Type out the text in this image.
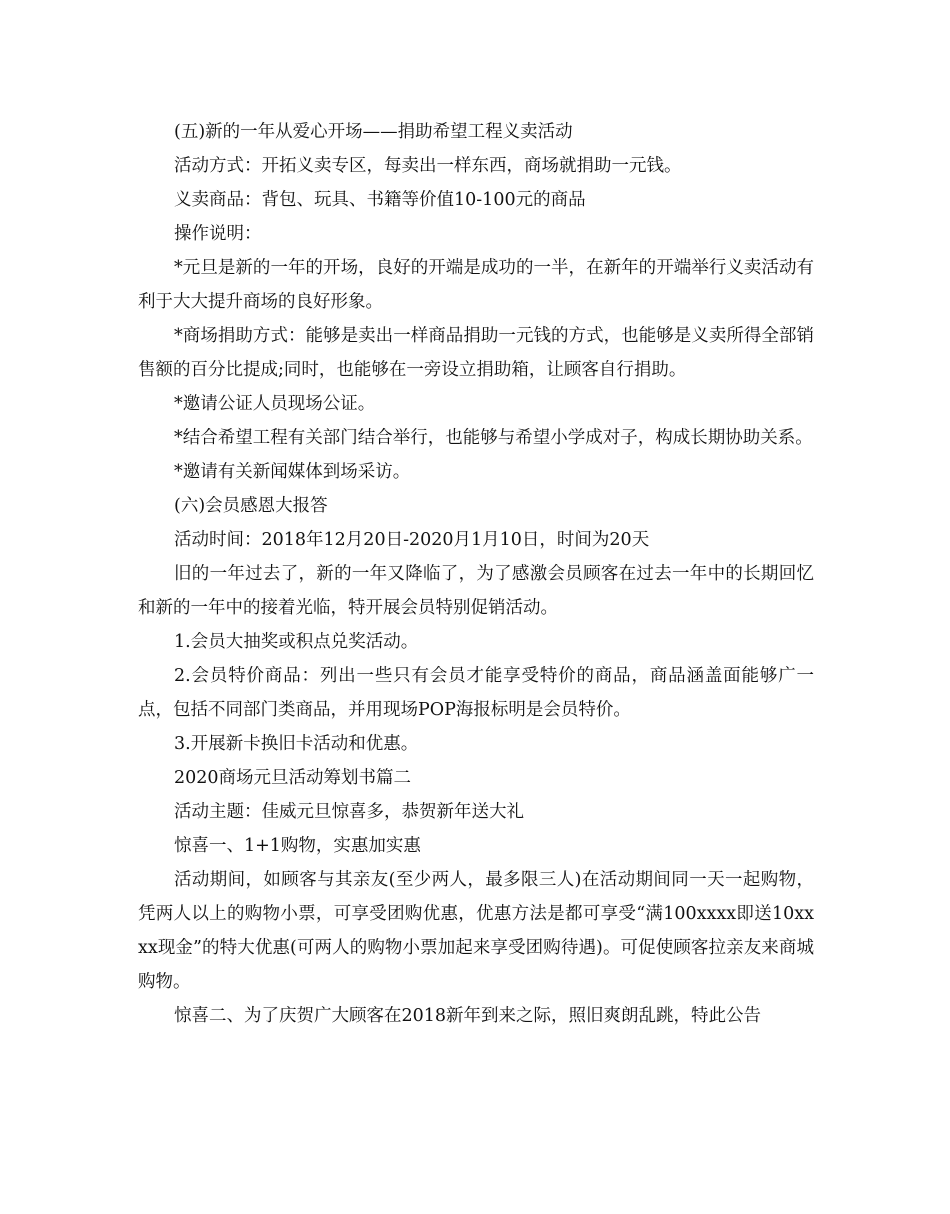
(五)新的一年从爱心开场——捐助希望工程义卖活动

活动方式：开拓义卖专区，每卖出一样东西，商场就捐助一元钱。

义卖商品：背包、玩具、书籍等价值10-100元的商品

操作说明：

*元旦是新的一年的开场，良好的开端是成功的一半，在新年的开端举行义卖活动有利于大大提升商场的良好形象。

*商场捐助方式：能够是卖出一样商品捐助一元钱的方式，也能够是义卖所得全部销售额的百分比提成;同时，也能够在一旁设立捐助箱，让顾客自行捐助。

*邀请公证人员现场公证。

*结合希望工程有关部门结合举行，也能够与希望小学成对子，构成长期协助关系。

*邀请有关新闻媒体到场采访。

(六)会员感恩大报答

活动时间：2018年12月20日-2020月1月10日，时间为20天

旧的一年过去了，新的一年又降临了，为了感激会员顾客在过去一年中的长期回忆和新的一年中的接着光临，特开展会员特别促销活动。

1.会员大抽奖或积点兑奖活动。

2.会员特价商品：列出一些只有会员才能享受特价的商品，商品涵盖面能够广一点，包括不同部门类商品，并用现场POP海报标明是会员特价。

3.开展新卡换旧卡活动和优惠。

2020商场元旦活动筹划书篇二

活动主题：佳威元旦惊喜多，恭贺新年送大礼

惊喜一、1+1购物，实惠加实惠

活动期间，如顾客与其亲友(至少两人，最多限三人)在活动期间同一天一起购物，凭两人以上的购物小票，可享受团购优惠，优惠方法是都可享受“满100xxxx即送10xxxx现金”的特大优惠(可两人的购物小票加起来享受团购待遇)。可促使顾客拉亲友来商城购物。

惊喜二、为了庆贺广大顾客在2018新年到来之际，照旧爽朗乱跳，特此公告
